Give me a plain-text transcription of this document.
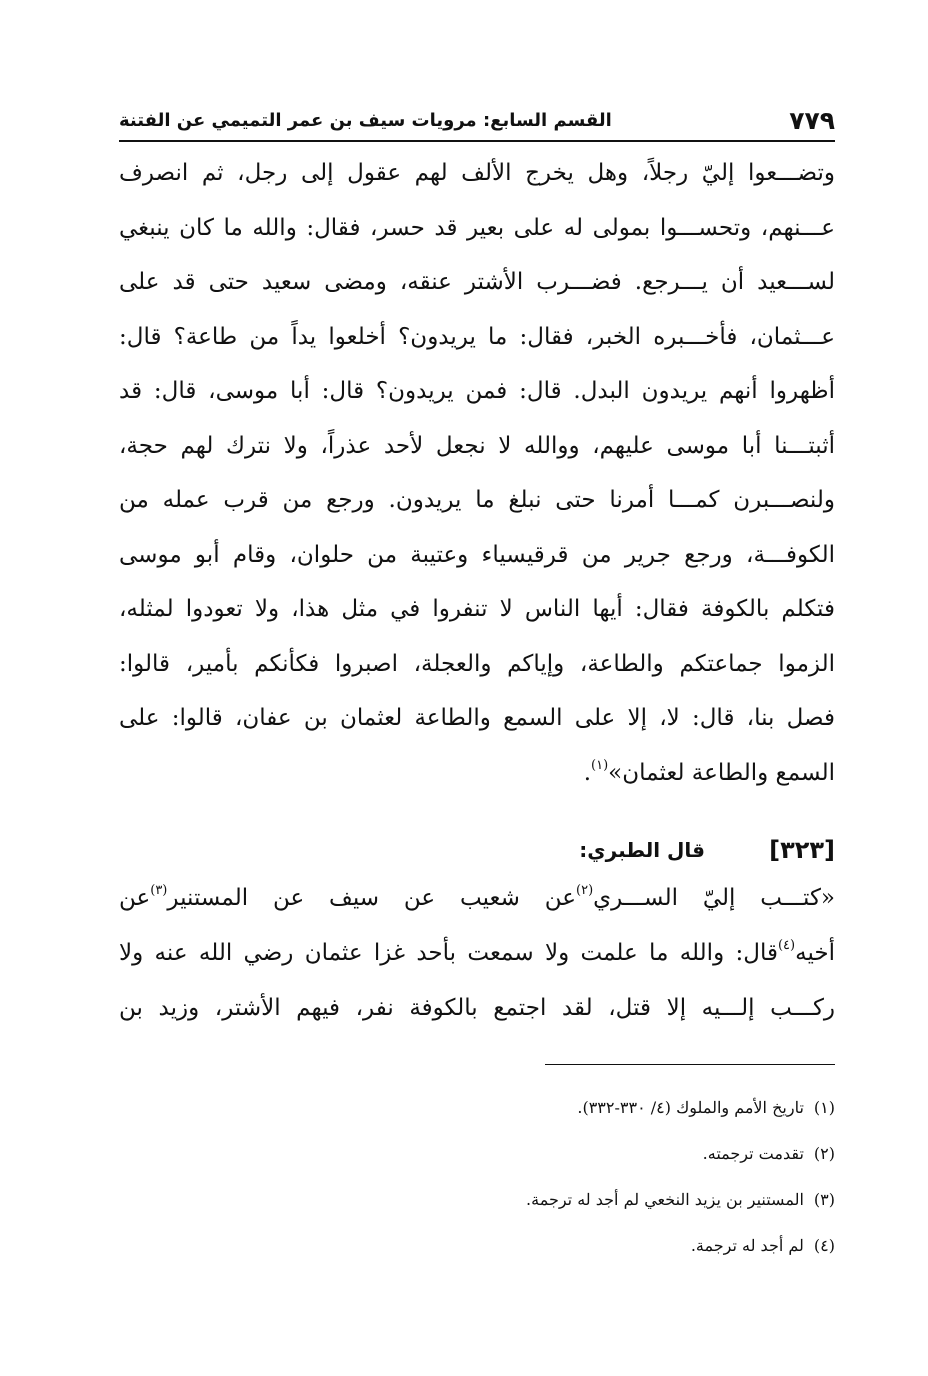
٧٧٩
القسم السابع: مرويات سيف بن عمر التميمي عن الفتنة
وتضـــعوا إليّ رجلاً، وهل يخرج الألف لهم عقول إلى رجل، ثم انصرف
عـــنهم، وتحســـوا بمولى له على بعير قد حسر، فقال: والله ما كان ينبغي
لســـعيد أن يـــرجع. فضـــرب الأشتر عنقه، ومضى سعيد حتى قد على
عـــثمان، فأخـــبره الخبر، فقال: ما يريدون؟ أخلعوا يداً من طاعة؟ قال:
أظهروا أنهم يريدون البدل. قال: فمن يريدون؟ قال: أبا موسى، قال: قد
أثبتـــنا أبا موسى عليهم، ووالله لا نجعل لأحد عذراً، ولا نترك لهم حجة،
ولنصـــبرن كمـــا أمرنا حتى نبلغ ما يريدون. ورجع من قرب عمله من
الكوفـــة، ورجع جرير من قرقيسياء وعتيبة من حلوان، وقام أبو موسى
فتكلم بالكوفة فقال: أيها الناس لا تنفروا في مثل هذا، ولا تعودوا لمثله،
الزموا جماعتكم والطاعة، وإياكم والعجلة، اصبروا فكأنكم بأمير، قالوا:
فصل بنا، قال: لا، إلا على السمع والطاعة لعثمان بن عفان، قالوا: على
السمع والطاعة لعثمان»$^{(١)}$.
[٣٢٣]
قال الطبري:
«كتـــب إليّ الســـري$^{(٢)}$عن شعيب عن سيف عن المستنير$^{(٣)}$عن
أخيه$^{(٤)}$قال: والله ما علمت ولا سمعت بأحد غزا عثمان رضي الله عنه ولا
ركـــب إلـــيه إلا قتل، لقد اجتمع بالكوفة نفر، فيهم الأشتر، وزيد بن
(١)تاريخ الأمم والملوك (٤/ ٣٣٠-٣٣٢).
(٢)تقدمت ترجمته.
(٣)المستنير بن يزيد النخعي لم أجد له ترجمة.
(٤)لم أجد له ترجمة.
